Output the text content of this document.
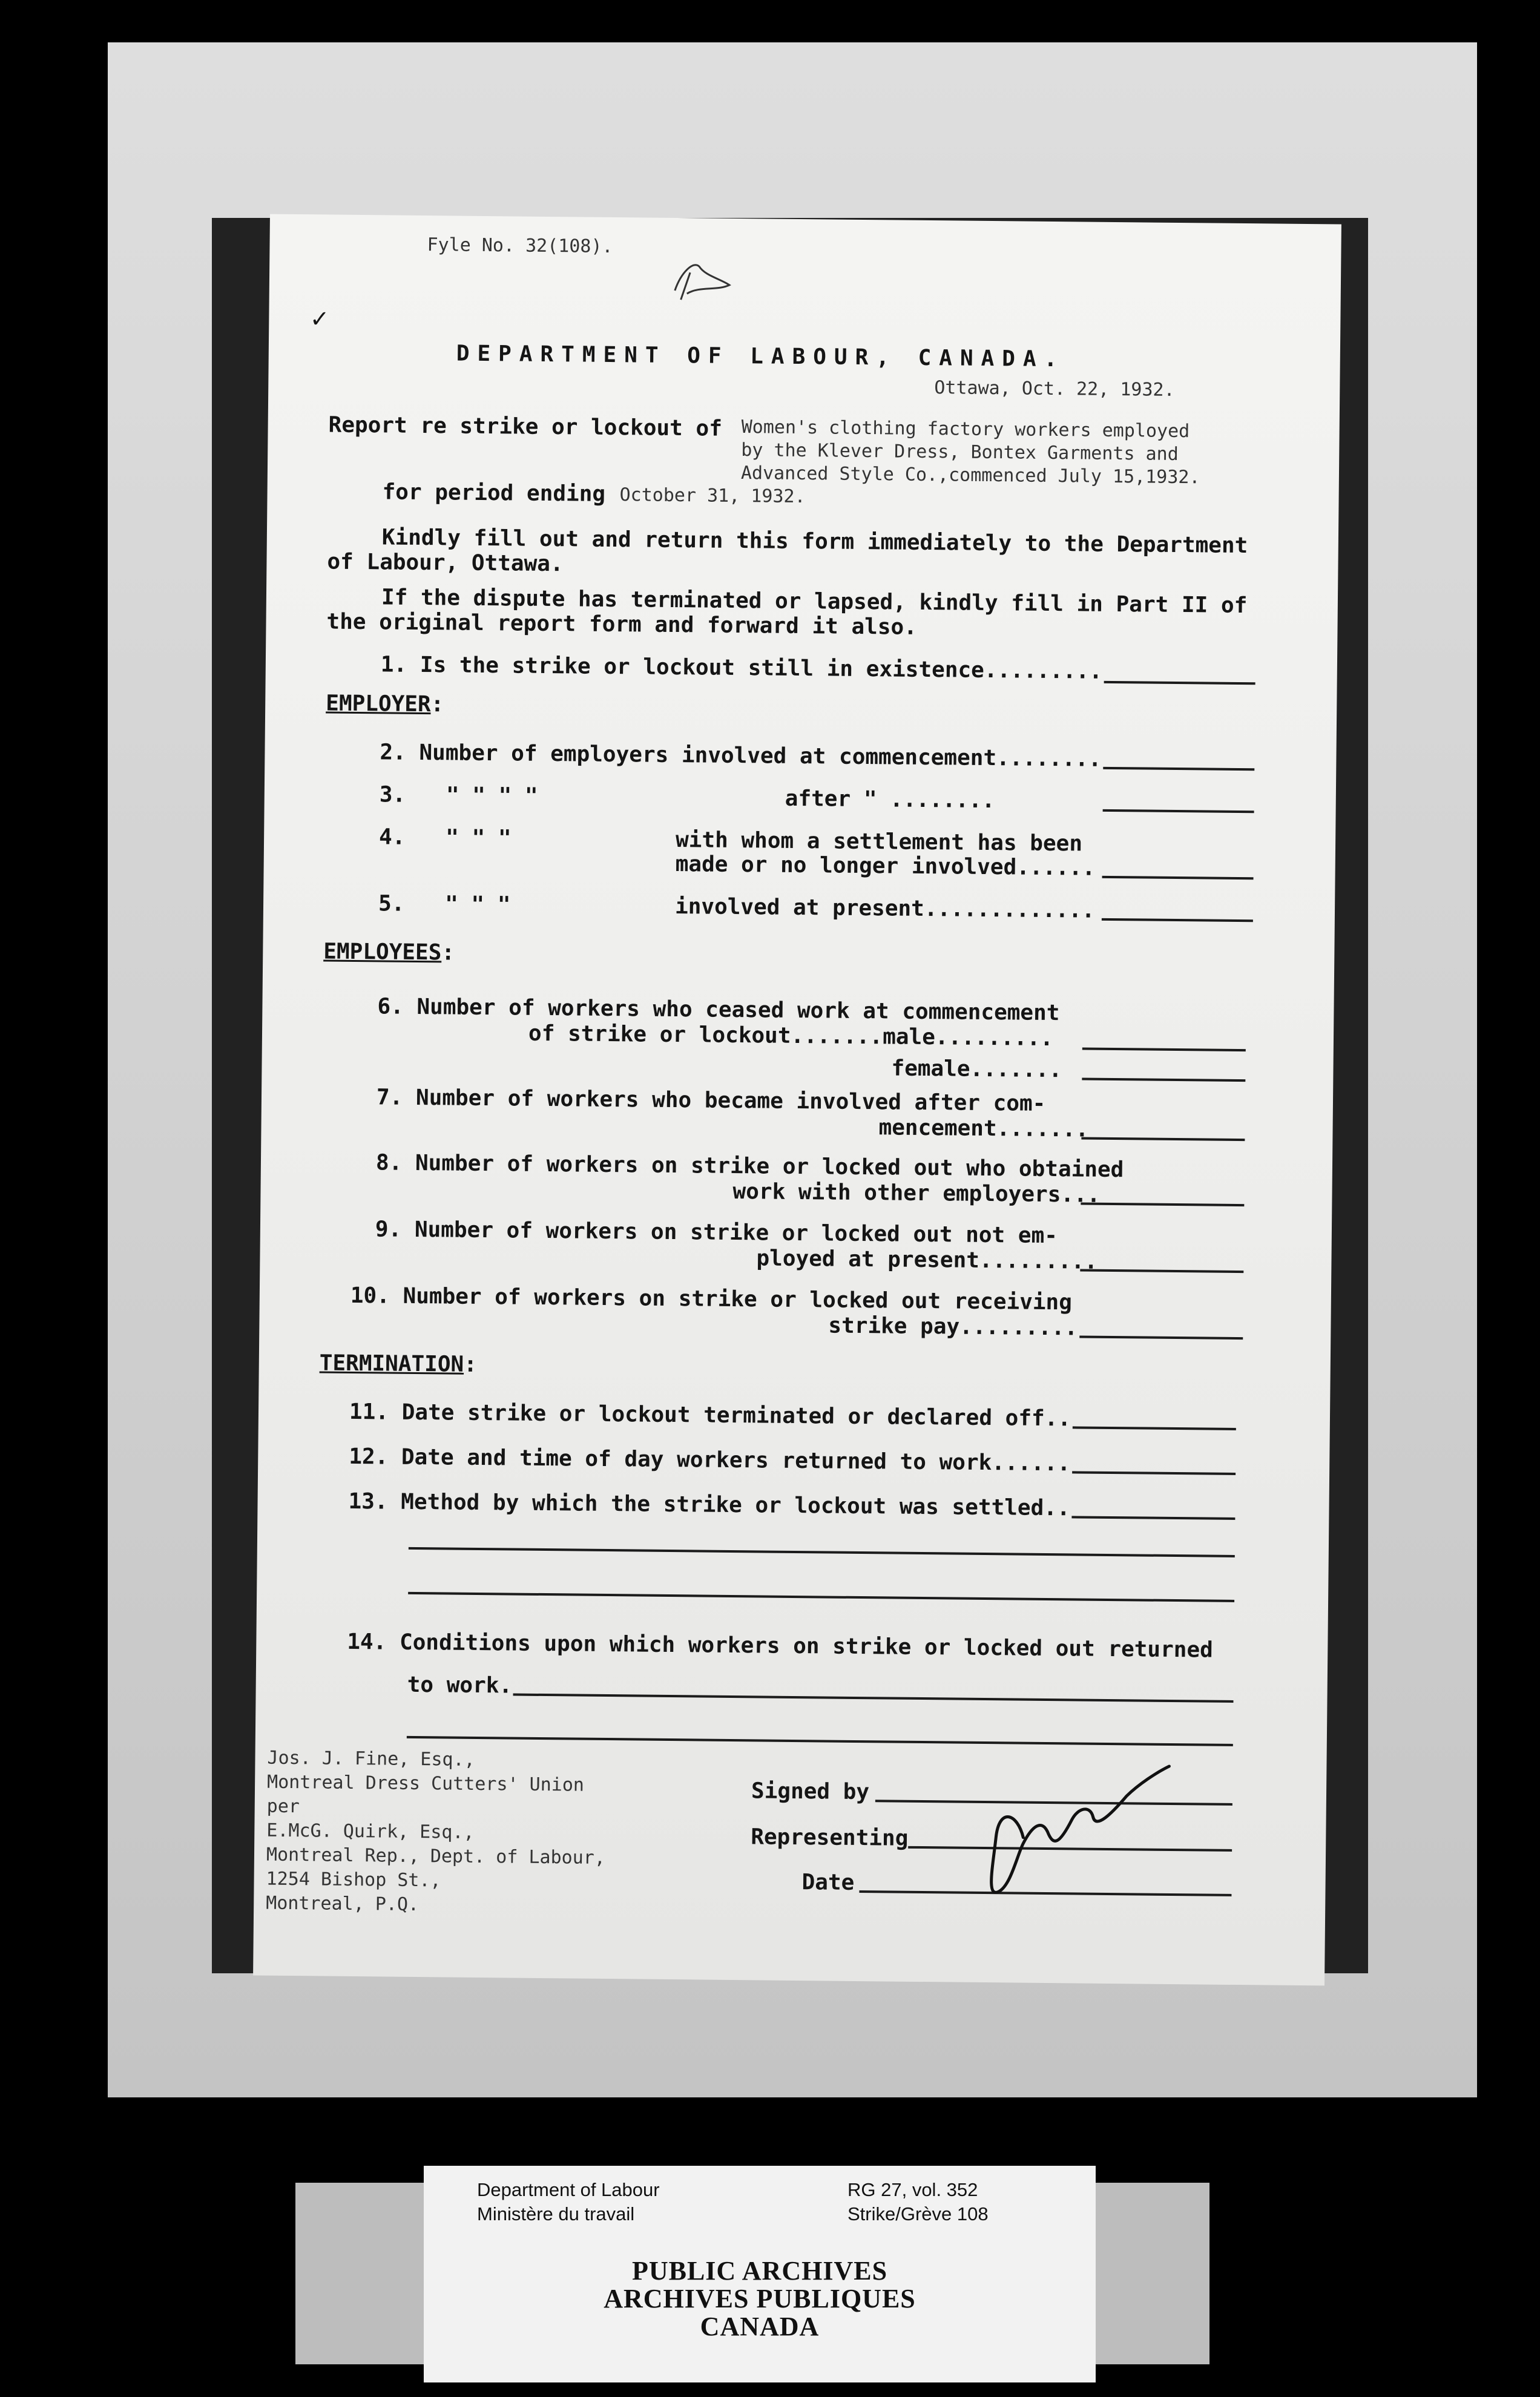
Fyle No. 32(108).
✓
DEPARTMENT OF LABOUR, CANADA.
Ottawa, Oct. 22, 1932.
Report re strike or lockout of Women's clothing factory workers employed
by the Klever Dress, Bontex Garments and
Advanced Style Co.,commenced July 15,1932.
for period ending October 31, 1932.
Kindly fill out and return this form immediately to the Department
of Labour, Ottawa.
If the dispute has terminated or lapsed, kindly fill in Part II of
the original report form and forward it also.
1. Is the strike or lockout still in existence.........
EMPLOYER:
2. Number of employers involved at commencement........
3. " " " "	after " ........
4. " " "	with whom a settlement has been
made or no longer involved......
5. " " "	involved at present.............
EMPLOYEES:
6. Number of workers who ceased work at commencement
of strike or lockout.......male.........
female.......
7. Number of workers who became involved after com-
mencement.......
8. Number of workers on strike or locked out who obtained
work with other employers...
9. Number of workers on strike or locked out not em-
ployed at present.........
10. Number of workers on strike or locked out receiving
strike pay.........
TERMINATION:
11. Date strike or lockout terminated or declared off..
12. Date and time of day workers returned to work......
13. Method by which the strike or lockout was settled..
14. Conditions upon which workers on strike or locked out returned
to work.
Jos. J. Fine, Esq.,
Montreal Dress Cutters' Union
per
E.McG. Quirk, Esq.,
Montreal Rep., Dept. of Labour,
1254 Bishop St.,
Montreal, P.Q.
Signed by
Representing
Date
Department of Labour
Ministère du travail
RG 27, vol. 352
Strike/Grève 108
PUBLIC ARCHIVES
ARCHIVES PUBLIQUES
CANADA
